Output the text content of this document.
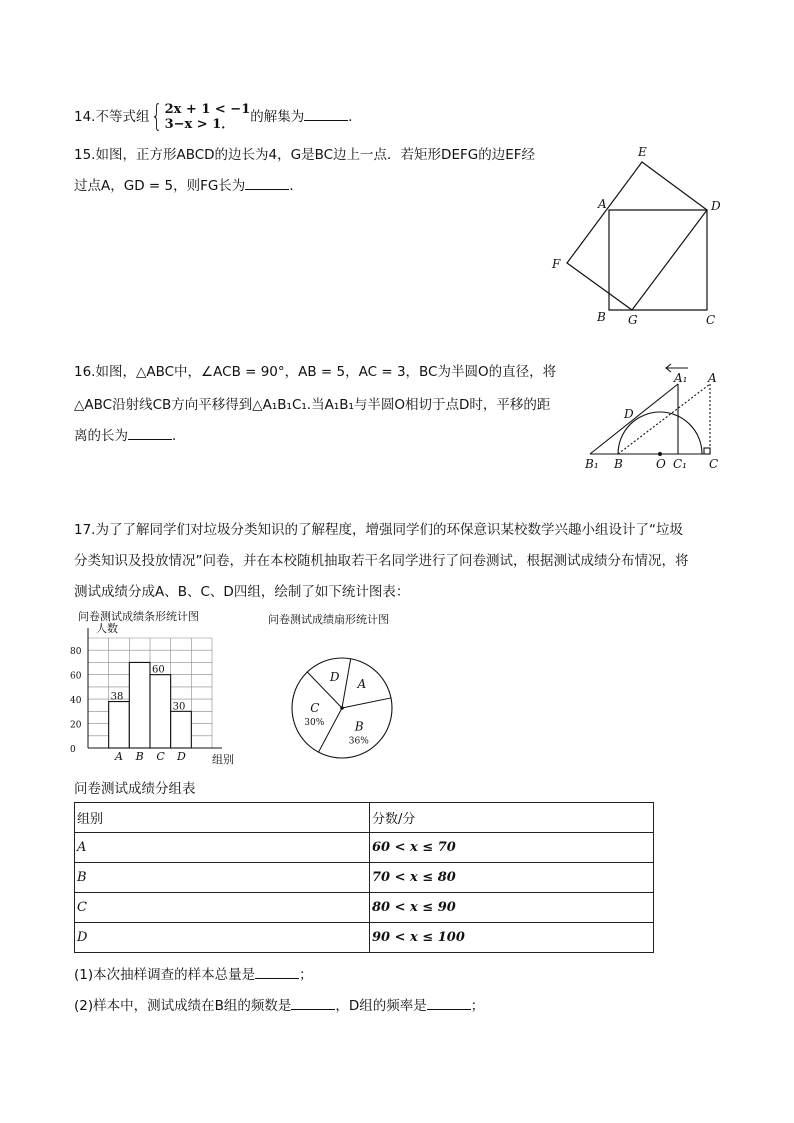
14.不等式组 { 2x + 1 < −1
3−x > 1．	的解集为	．
15.如图，正方形ABCD的边长为4，G是BC边上一点．若矩形DEFG的边EF经
过点A，GD = 5，则FG长为	．
E
A	D
F
B G	C
16.如图，△ABC中，∠ACB = 90°，AB = 5，AC = 3，BC为半圆O的直径，将
△ABC沿射线CB方向平移得到△A₁B₁C₁.当A₁B₁与半圆O相切于点D时，平移的距
离的长为	．
A₁ A
D
B₁ B	O C₁ C
17.为了了解同学们对垃圾分类知识的了解程度，增强同学们的环保意识某校数学兴趣小组设计了“垃圾
分类知识及投放情况”问卷，并在本校随机抽取若干名同学进行了问卷测试，根据测试成绩分布情况，将
测试成绩分成A、B、C、D四组，绘制了如下统计图表：
问卷测试成绩条形统计图
人数
组别
38
60
30
A B C D
0
20
40
60
80
问卷测试成绩扇形统计图
A
B
36%
C
30%
D
问卷测试成绩分组表
组别	分数/分
A	60 < x ≤ 70
B	70 < x ≤ 80
C	80 < x ≤ 90
D	90 < x ≤ 100
(1)本次抽样调查的样本总量是	；
(2)样本中，测试成绩在B组的频数是	，D组的频率是	；
